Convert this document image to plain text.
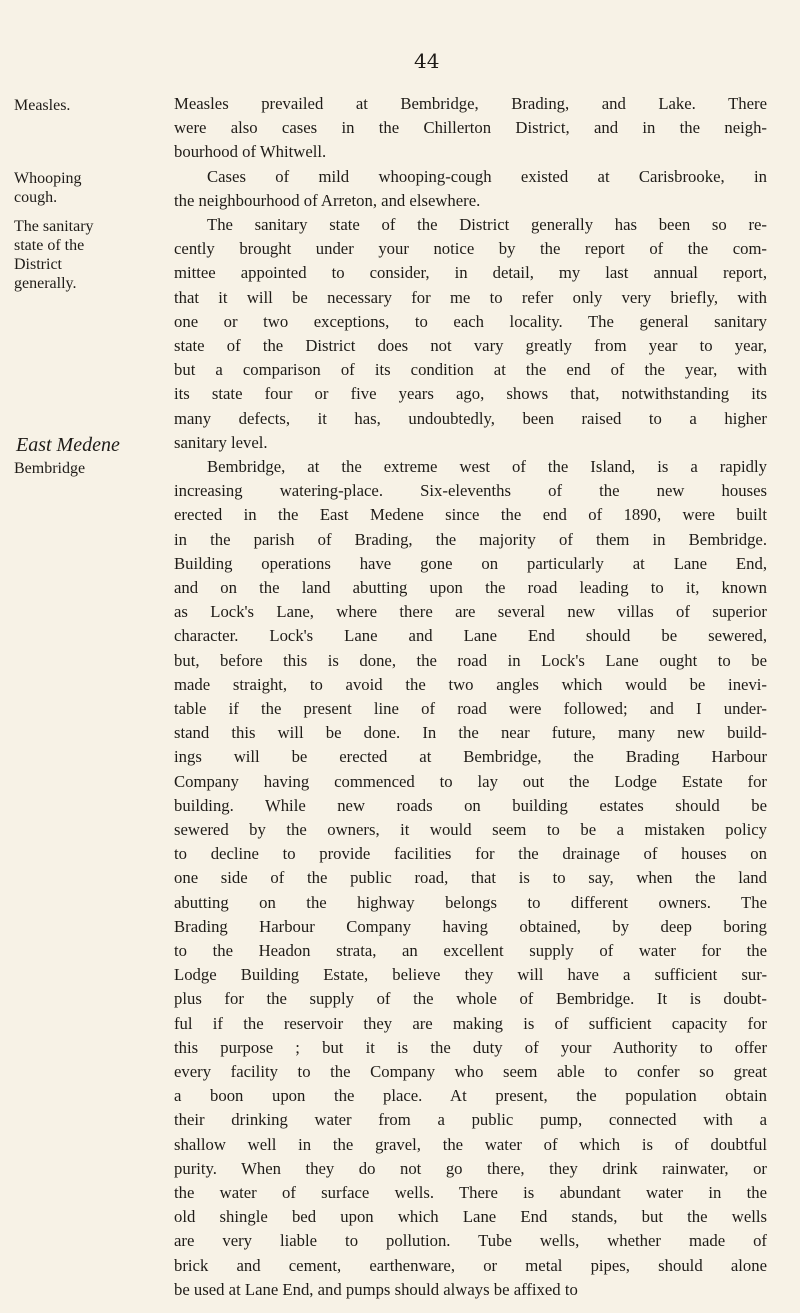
44
Measles.
Whooping
cough.
The sanitary
state of the
District
generally.
East Medene
Bembridge
Measles prevailed at Bembridge, Brading, and Lake. There
were also cases in the Chillerton District, and in the neigh-
bourhood of Whitwell.
Cases of mild whooping-cough existed at Carisbrooke, in
the neighbourhood of Arreton, and elsewhere.
The sanitary state of the District generally has been so re-
cently brought under your notice by the report of the com-
mittee appointed to consider, in detail, my last annual report,
that it will be necessary for me to refer only very briefly, with
one or two exceptions, to each locality. The general sanitary
state of the District does not vary greatly from year to year,
but a comparison of its condition at the end of the year, with
its state four or five years ago, shows that, notwithstanding its
many defects, it has, undoubtedly, been raised to a higher
sanitary level.
Bembridge, at the extreme west of the Island, is a rapidly
increasing watering-place. Six-elevenths of the new houses
erected in the East Medene since the end of 1890, were built
in the parish of Brading, the majority of them in Bembridge.
Building operations have gone on particularly at Lane End,
and on the land abutting upon the road leading to it, known
as Lock's Lane, where there are several new villas of superior
character. Lock's Lane and Lane End should be sewered,
but, before this is done, the road in Lock's Lane ought to be
made straight, to avoid the two angles which would be inevi-
table if the present line of road were followed; and I under-
stand this will be done. In the near future, many new build-
ings will be erected at Bembridge, the Brading Harbour
Company having commenced to lay out the Lodge Estate for
building. While new roads on building estates should be
sewered by the owners, it would seem to be a mistaken policy
to decline to provide facilities for the drainage of houses on
one side of the public road, that is to say, when the land
abutting on the highway belongs to different owners. The
Brading Harbour Company having obtained, by deep boring
to the Headon strata, an excellent supply of water for the
Lodge Building Estate, believe they will have a sufficient sur-
plus for the supply of the whole of Bembridge. It is doubt-
ful if the reservoir they are making is of sufficient capacity for
this purpose ; but it is the duty of your Authority to offer
every facility to the Company who seem able to confer so great
a boon upon the place. At present, the population obtain
their drinking water from a public pump, connected with a
shallow well in the gravel, the water of which is of doubtful
purity. When they do not go there, they drink rainwater, or
the water of surface wells. There is abundant water in the
old shingle bed upon which Lane End stands, but the wells
are very liable to pollution. Tube wells, whether made of
brick and cement, earthenware, or metal pipes, should alone
be used at Lane End, and pumps should always be affixed to
